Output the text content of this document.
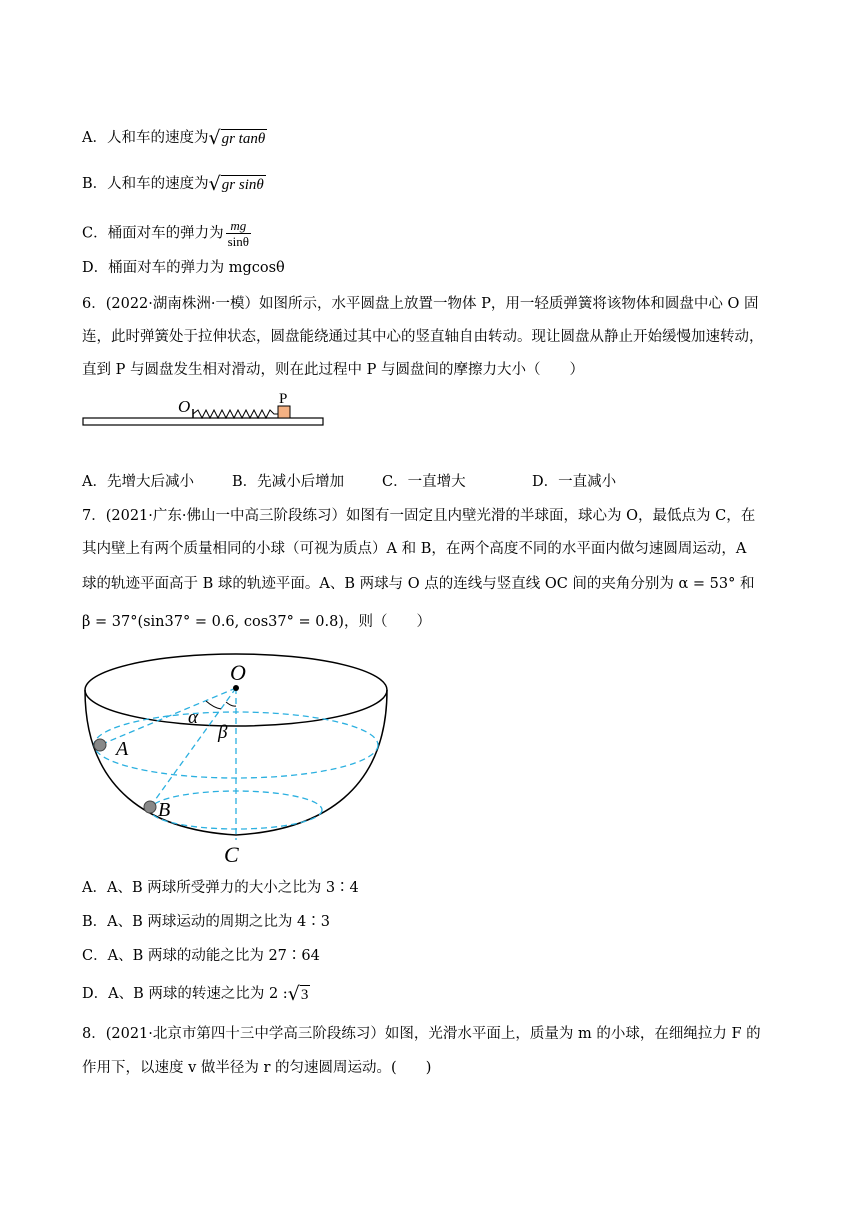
A．人和车的速度为√gr tanθ
B．人和车的速度为√gr sinθ
C．桶面对车的弹力为 $\frac{mg}{\sin\theta}$
D．桶面对车的弹力为 mgcosθ
6．(2022·湖南株洲·一模）如图所示，水平圆盘上放置一物体 P，用一轻质弹簧将该物体和圆盘中心 O 固
连，此时弹簧处于拉伸状态，圆盘能绕通过其中心的竖直轴自由转动。现让圆盘从静止开始缓慢加速转动，
直到 P 与圆盘发生相对滑动，则在此过程中 P 与圆盘间的摩擦力大小（　　）
O	P
A．先增大后减小	B．先减小后增加	C．一直增大	D．一直减小
7．(2021·广东·佛山一中高三阶段练习）如图有一固定且内壁光滑的半球面，球心为 O，最低点为 C，在
其内壁上有两个质量相同的小球（可视为质点）A 和 B，在两个高度不同的水平面内做匀速圆周运动，A
球的轨迹平面高于 B 球的轨迹平面。A、B 两球与 O 点的连线与竖直线 OC 间的夹角分别为 α = 53° 和
β = 37°(sin37° = 0.6, cos37° = 0.8)，则（　　）
O
A
B
C
α
β
A．A、B 两球所受弹力的大小之比为 3∶4
B．A、B 两球运动的周期之比为 4∶3
C．A、B 两球的动能之比为 27∶64
D．A、B 两球的转速之比为 2 :√3
8．(2021·北京市第四十三中学高三阶段练习）如图，光滑水平面上，质量为 m 的小球，在细绳拉力 F 的
作用下，以速度 v 做半径为 r 的匀速圆周运动。(　　)
